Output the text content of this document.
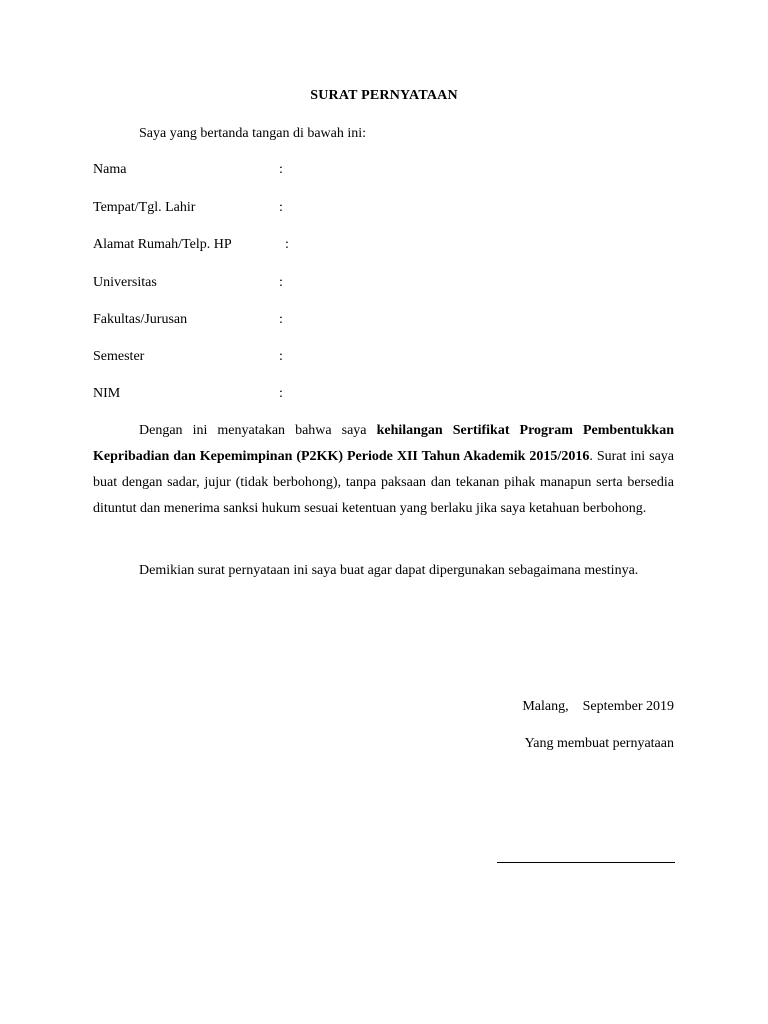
SURAT PERNYATAAN
Saya yang bertanda tangan di bawah ini:
Nama	:
Tempat/Tgl. Lahir	:
Alamat Rumah/Telp. HP	:
Universitas	:
Fakultas/Jurusan	:
Semester	:
NIM	:
Dengan ini menyatakan bahwa saya kehilangan Sertifikat Program Pembentukkan Kepribadian dan Kepemimpinan (P2KK) Periode XII Tahun Akademik 2015/2016. Surat ini saya buat dengan sadar, jujur (tidak berbohong), tanpa paksaan dan tekanan pihak manapun serta bersedia dituntut dan menerima sanksi hukum sesuai ketentuan yang berlaku jika saya ketahuan berbohong.
Demikian surat pernyataan ini saya buat agar dapat dipergunakan sebagaimana mestinya.
Malang,    September 2019
Yang membuat pernyataan
